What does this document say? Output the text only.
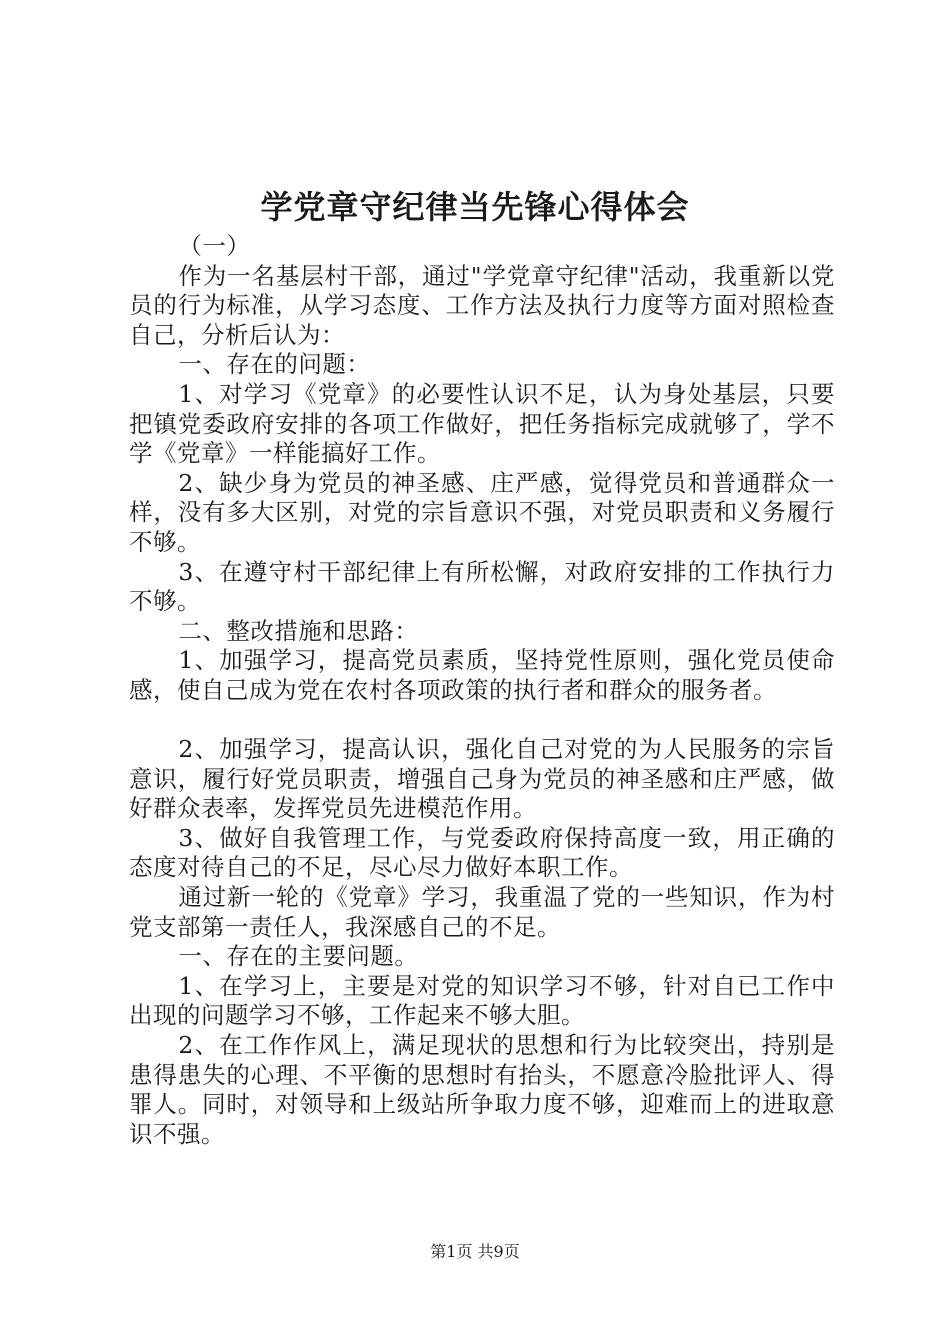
学党章守纪律当先锋心得体会

（一）

作为一名基层村干部，通过"学党章守纪律"活动，我重新以党员的行为标准，从学习态度、工作方法及执行力度等方面对照检查自己，分析后认为：

一、存在的问题：

1、对学习《党章》的必要性认识不足，认为身处基层，只要把镇党委政府安排的各项工作做好，把任务指标完成就够了，学不学《党章》一样能搞好工作。

2、缺少身为党员的神圣感、庄严感，觉得党员和普通群众一样，没有多大区别，对党的宗旨意识不强，对党员职责和义务履行不够。

3、在遵守村干部纪律上有所松懈，对政府安排的工作执行力不够。

二、整改措施和思路：

1、加强学习，提高党员素质，坚持党性原则，强化党员使命感，使自己成为党在农村各项政策的执行者和群众的服务者。

2、加强学习，提高认识，强化自己对党的为人民服务的宗旨意识，履行好党员职责，增强自己身为党员的神圣感和庄严感，做好群众表率，发挥党员先进模范作用。

3、做好自我管理工作，与党委政府保持高度一致，用正确的态度对待自己的不足，尽心尽力做好本职工作。

通过新一轮的《党章》学习，我重温了党的一些知识，作为村党支部第一责任人，我深感自己的不足。

一、存在的主要问题。

1、在学习上，主要是对党的知识学习不够，针对自已工作中出现的问题学习不够，工作起来不够大胆。

2、在工作作风上，满足现状的思想和行为比较突出，持别是患得患失的心理、不平衡的思想时有抬头，不愿意冷脸批评人、得罪人。同时，对领导和上级站所争取力度不够，迎难而上的进取意识不强。

第1页 共9页
